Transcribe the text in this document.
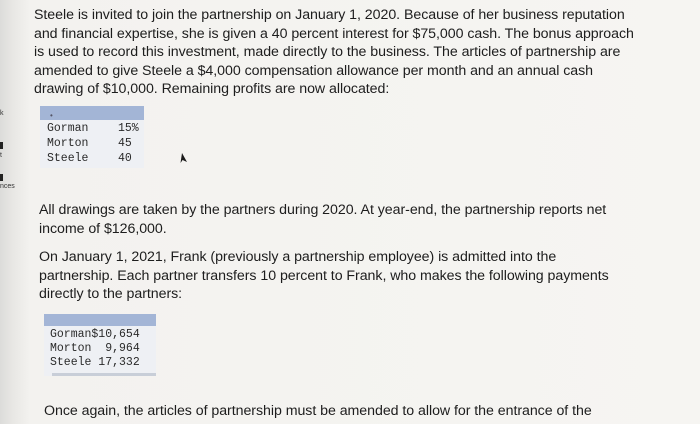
k
t
nces

Steele is invited to join the partnership on January 1, 2020. Because of her business reputation and financial expertise, she is given a 40 percent interest for $75,000 cash. The bonus approach is used to record this investment, made directly to the business. The articles of partnership are amended to give Steele a $4,000 compensation allowance per month and an annual cash drawing of $10,000. Remaining profits are now allocated:

•
Gorman	15%
Morton	45
Steele	40

All drawings are taken by the partners during 2020. At year-end, the partnership reports net income of $126,000.

On January 1, 2021, Frank (previously a partnership employee) is admitted into the partnership. Each partner transfers 10 percent to Frank, who makes the following payments directly to the partners:

Gorman$10,654
Morton  9,964
Steele 17,332

Once again, the articles of partnership must be amended to allow for the entrance of the
